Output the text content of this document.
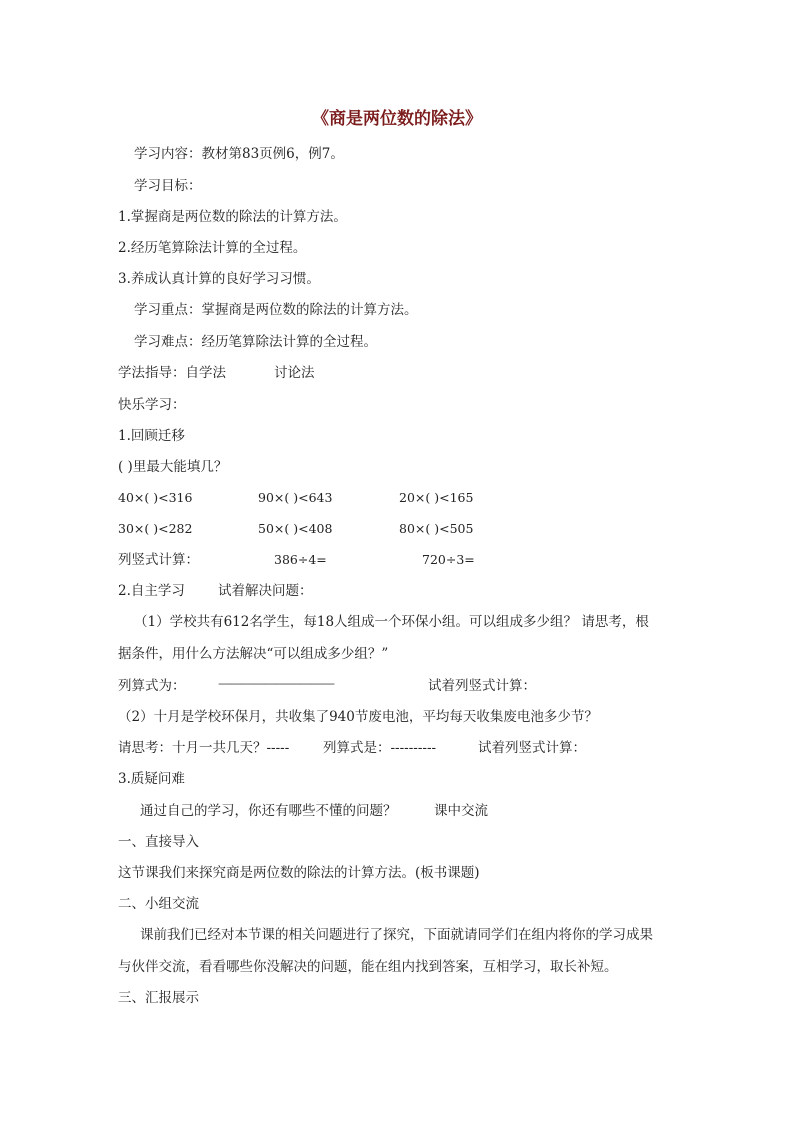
《商是两位数的除法》
学习内容：教材第83页例6，例7。
学习目标：
1.掌握商是两位数的除法的计算方法。
2.经历笔算除法计算的全过程。
3.养成认真计算的良好学习习惯。
学习重点：掌握商是两位数的除法的计算方法。
学习难点：经历笔算除法计算的全过程。
学法指导：自学法	讨论法
快乐学习：
1.回顾迁移
( )里最大能填几？
40×( )<316	90×( )<643	20×( )<165
30×( )<282	50×( )<408	80×( )<505
列竖式计算：	386÷4=	720÷3=
2.自主学习 试着解决问题：
（1）学校共有612名学生，每18人组成一个环保小组。可以组成多少组？ 请思考，根
据条件，用什么方法解决“可以组成多少组？”
列算式为： ——————————	试着列竖式计算：
（2）十月是学校环保月，共收集了940节废电池，平均每天收集废电池多少节？
请思考：十月一共几天？----- 列算式是：----------	试着列竖式计算：
3.质疑问难
通过自己的学习，你还有哪些不懂的问题？	课中交流
一、直接导入
这节课我们来探究商是两位数的除法的计算方法。(板书课题)
二、小组交流
课前我们已经对本节课的相关问题进行了探究，下面就请同学们在组内将你的学习成果
与伙伴交流，看看哪些你没解决的问题，能在组内找到答案，互相学习，取长补短。
三、汇报展示
